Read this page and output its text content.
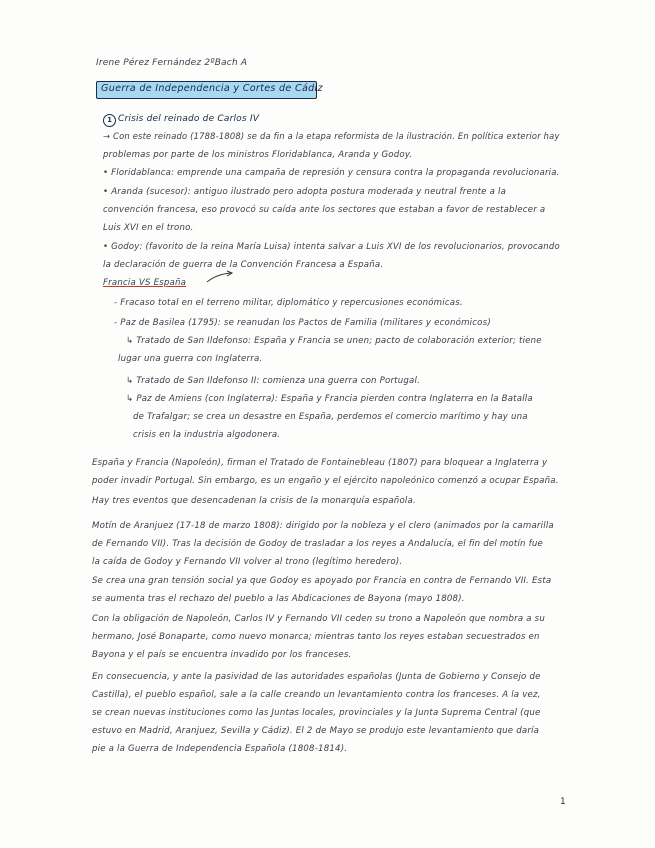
Irene Pérez Fernández 2ºBach A
Guerra de Independencia y Cortes de Cádiz
1 Crisis del reinado de Carlos IV
→ Con este reinado (1788-1808) se da fin a la etapa reformista de la ilustración. En política exterior hay
problemas por parte de los ministros Floridablanca, Aranda y Godoy.
• Floridablanca: emprende una campaña de represión y censura contra la propaganda revolucionaria.
• Aranda (sucesor): antiguo ilustrado pero adopta postura moderada y neutral frente a la
convención francesa, eso provocó su caída ante los sectores que estaban a favor de restablecer a
Luis XVI en el trono.
• Godoy: (favorito de la reina María Luisa) intenta salvar a Luis XVI de los revolucionarios, provocando
la declaración de guerra de la Convención Francesa a España.
Francia VS España
- Fracaso total en el terreno militar, diplomático y repercusiones económicas.
- Paz de Basilea (1795): se reanudan los Pactos de Familia (militares y económicos)
↳ Tratado de San Ildefonso: España y Francia se unen; pacto de colaboración exterior; tiene
lugar una guerra con Inglaterra.
↳ Tratado de San Ildefonso II: comienza una guerra con Portugal.
↳ Paz de Amiens (con Inglaterra): España y Francia pierden contra Inglaterra en la Batalla
de Trafalgar; se crea un desastre en España, perdemos el comercio marítimo y hay una
crisis en la industria algodonera.
España y Francia (Napoleón), firman el Tratado de Fontainebleau (1807) para bloquear a Inglaterra y
poder invadir Portugal. Sin embargo, es un engaño y el ejército napoleónico comenzó a ocupar España.
Hay tres eventos que desencadenan la crisis de la monarquía española.
Motín de Aranjuez (17-18 de marzo 1808): dirigido por la nobleza y el clero (animados por la camarilla
de Fernando VII). Tras la decisión de Godoy de trasladar a los reyes a Andalucía, el fin del motín fue
la caída de Godoy y Fernando VII volver al trono (legítimo heredero).
Se crea una gran tensión social ya que Godoy es apoyado por Francia en contra de Fernando VII. Esta
se aumenta tras el rechazo del pueblo a las Abdicaciones de Bayona (mayo 1808).
Con la obligación de Napoleón, Carlos IV y Fernando VII ceden su trono a Napoleón que nombra a su
hermano, José Bonaparte, como nuevo monarca; mientras tanto los reyes estaban secuestrados en
Bayona y el país se encuentra invadido por los franceses.
En consecuencia, y ante la pasividad de las autoridades españolas (Junta de Gobierno y Consejo de
Castilla), el pueblo español, sale a la calle creando un levantamiento contra los franceses. A la vez,
se crean nuevas instituciones como las Juntas locales, provinciales y la Junta Suprema Central (que
estuvo en Madrid, Aranjuez, Sevilla y Cádiz). El 2 de Mayo se produjo este levantamiento que daría
pie a la Guerra de Independencia Española (1808-1814).
1
